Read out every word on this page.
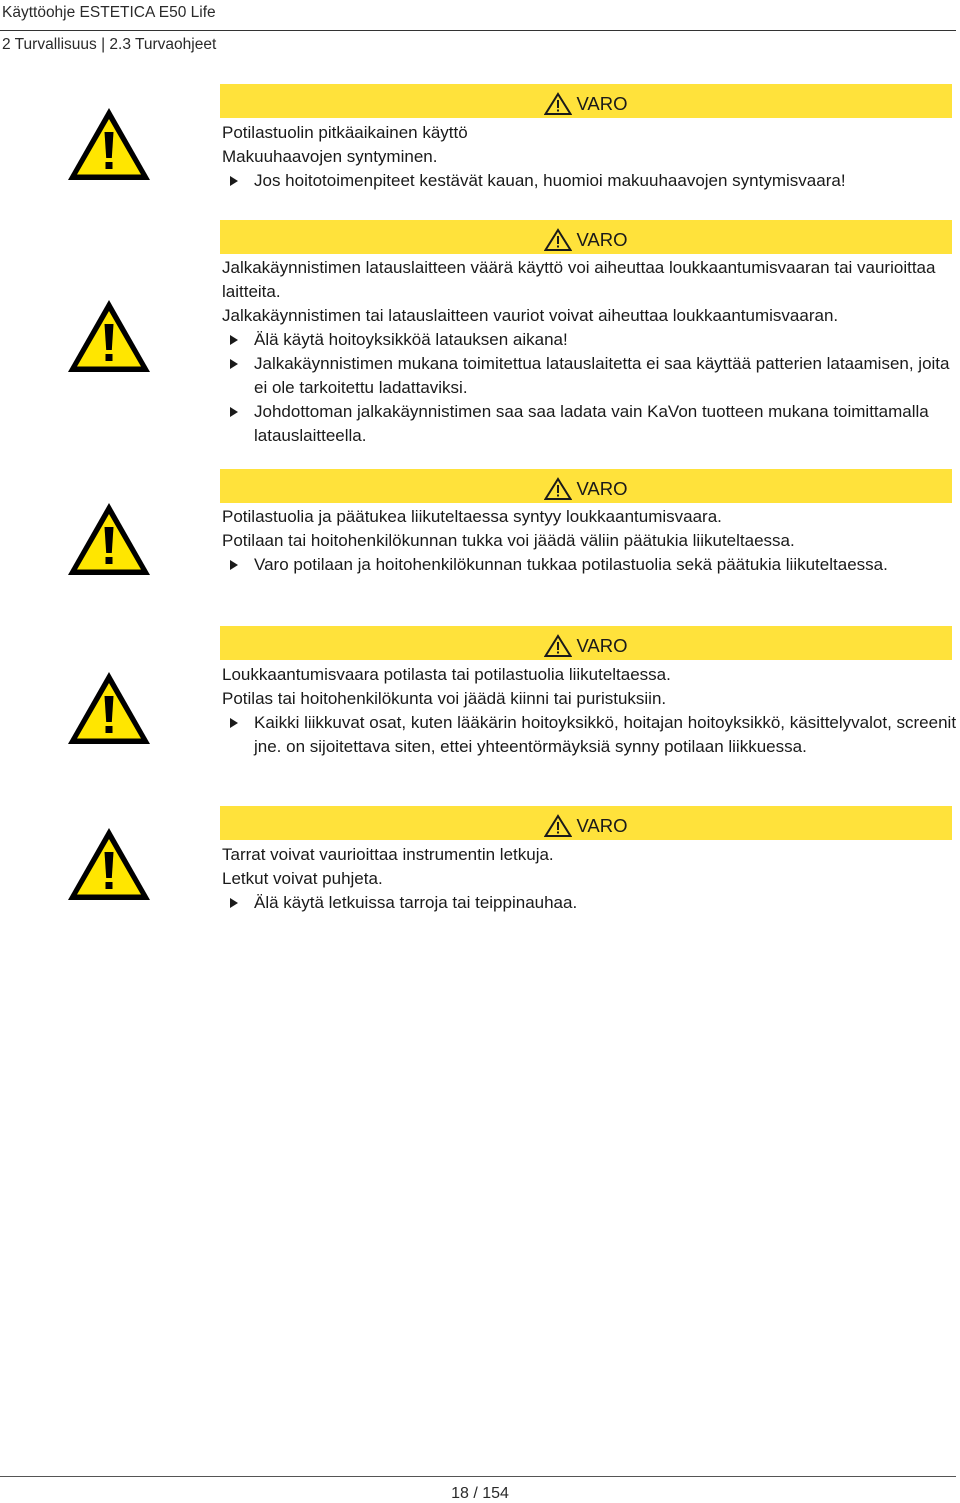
Käyttöohje ESTETICA E50 Life
2 Turvallisuus | 2.3 Turvaohjeet
VARO
Potilastuolin pitkäaikainen käyttö
Makuuhaavojen syntyminen.
Jos hoitotoimenpiteet kestävät kauan, huomioi makuuhaavojen syntymisvaara!
VARO
Jalkakäynnistimen latauslaitteen väärä käyttö voi aiheuttaa loukkaantumisvaaran tai vaurioittaa laitteita.
Jalkakäynnistimen tai latauslaitteen vauriot voivat aiheuttaa loukkaantumisvaaran.
Älä käytä hoitoyksikköä latauksen aikana!
Jalkakäynnistimen mukana toimitettua latauslaitetta ei saa käyttää patterien lataamisen, joita ei ole tarkoitettu ladattaviksi.
Johdottoman jalkakäynnistimen saa saa ladata vain KaVon tuotteen mukana toimittamalla latauslaitteella.
VARO
Potilastuolia ja päätukea liikuteltaessa syntyy loukkaantumisvaara.
Potilaan tai hoitohenkilökunnan tukka voi jäädä väliin päätukia liikuteltaessa.
Varo potilaan ja hoitohenkilökunnan tukkaa potilastuolia sekä päätukia liikuteltaessa.
VARO
Loukkaantumisvaara potilasta tai potilastuolia liikuteltaessa.
Potilas tai hoitohenkilökunta voi jäädä kiinni tai puristuksiin.
Kaikki liikkuvat osat, kuten lääkärin hoitoyksikkö, hoitajan hoitoyksikkö, käsittelyvalot, screenit jne. on sijoitettava siten, ettei yhteentörmäyksiä synny potilaan liikkuessa.
VARO
Tarrat voivat vaurioittaa instrumentin letkuja.
Letkut voivat puhjeta.
Älä käytä letkuissa tarroja tai teippinauhaa.
18 / 154
